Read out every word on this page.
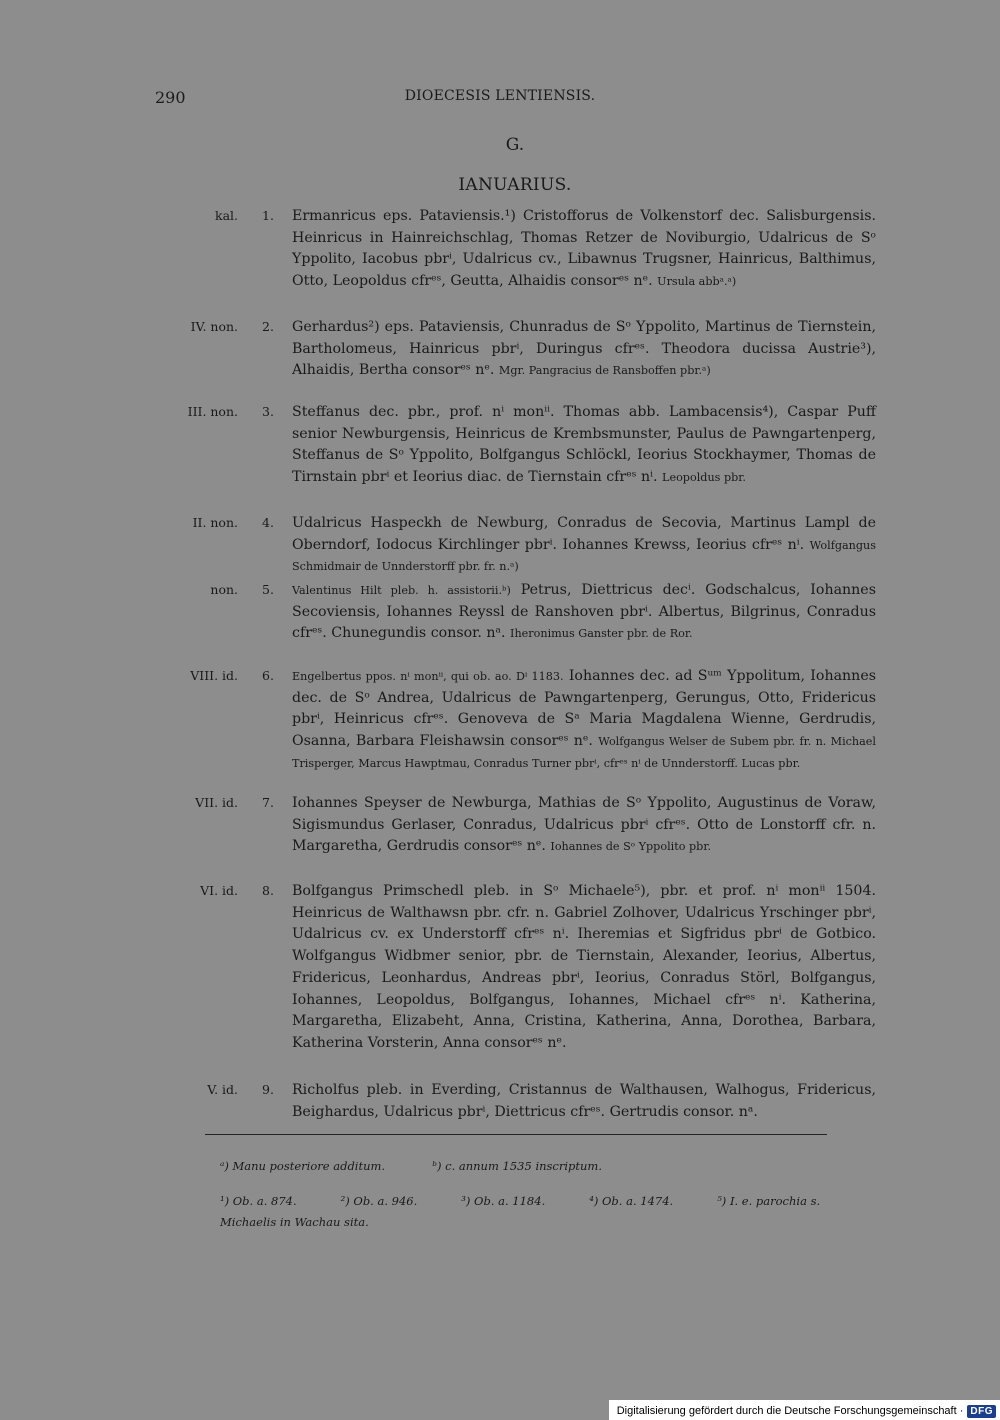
290	DIOECESIS LENTIENSIS.
G.
IANUARIUS.
kal.	1. Ermanricus eps. Pataviensis.¹) Cristofforus de Volkenstorf dec. Salisburgensis. Heinricus in Hainreichschlag, Thomas Retzer de Noviburgio, Udalricus de Sᵒ Yppolito, Iacobus pbrⁱ, Udalricus cv., Libawnus Trugsner, Hainricus, Balthimus, Otto, Leopoldus cfrᵉˢ, Geutta, Alhaidis consorᵉˢ nᵉ. Ursula abbᵃ.ᵃ)
IV. non.	2. Gerhardus²) eps. Pataviensis, Chunradus de Sᵒ Yppolito, Martinus de Tiernstein, Bartholomeus, Hainricus pbrⁱ, Duringus cfrᵉˢ. Theodora ducissa Austrie³), Alhaidis, Bertha consorᵉˢ nᵉ. Mgr. Pangracius de Ransboffen pbr.ᵃ)
III. non.	3. Steffanus dec. pbr., prof. nⁱ monⁱⁱ. Thomas abb. Lambacensis⁴), Caspar Puff senior Newburgensis, Heinricus de Krembsmunster, Paulus de Pawngartenperg, Steffanus de Sᵒ Yppolito, Bolfgangus Schlöckl, Ieorius Stockhaymer, Thomas de Tirnstain pbrⁱ et Ieorius diac. de Tiernstain cfrᵉˢ nⁱ. Leopoldus pbr.
II. non.	4. Udalricus Haspeckh de Newburg, Conradus de Secovia, Martinus Lampl de Oberndorf, Iodocus Kirchlinger pbrⁱ. Iohannes Krewss, Ieorius cfrᵉˢ nⁱ. Wolfgangus Schmidmair de Unnderstorff pbr. fr. n.ᵃ)
non.	5.	Valentinus Hilt pleb. h. assistorii.ᵇ) Petrus, Diettricus decⁱ. Godschalcus, Iohannes Secoviensis, Iohannes Reyssl de Ranshoven pbrⁱ. Albertus, Bilgrinus, Conradus cfrᵉˢ. Chunegundis consor. nᵃ. Iheronimus Ganster pbr. de Ror.
VIII. id.	6.	Engelbertus ppos. nⁱ monⁱⁱ, qui ob. ao. Dⁱ 1183. Iohannes dec. ad Sᵘᵐ Yppolitum, Iohannes dec. de Sᵒ Andrea, Udalricus de Pawngartenperg, Gerungus, Otto, Fridericus pbrⁱ, Heinricus cfrᵉˢ. Genoveva de Sᵃ Maria Magdalena Wienne, Gerdrudis, Osanna, Barbara Fleishawsin consorᵉˢ nᵉ. Wolfgangus Welser de Subem pbr. fr. n. Michael Trisperger, Marcus Hawptmau, Conradus Turner pbrⁱ, cfrᵉˢ nⁱ de Unnderstorff. Lucas pbr.
VII. id.	7. Iohannes Speyser de Newburga, Mathias de Sᵒ Yppolito, Augustinus de Voraw, Sigismundus Gerlaser, Conradus, Udalricus pbrⁱ cfrᵉˢ. Otto de Lonstorff cfr. n. Margaretha, Gerdrudis consorᵉˢ nᵉ. Iohannes de Sᵒ Yppolito pbr.
VI. id.	8. Bolfgangus Primschedl pleb. in Sᵒ Michaele⁵), pbr. et prof. nⁱ monⁱⁱ 1504. Heinricus de Walthawsn pbr. cfr. n. Gabriel Zolhover, Udalricus Yrschinger pbrⁱ, Udalricus cv. ex Understorff cfrᵉˢ nⁱ. Iheremias et Sigfridus pbrⁱ de Gotbico. Wolfgangus Widbmer senior, pbr. de Tiernstain, Alexander, Ieorius, Albertus, Fridericus, Leonhardus, Andreas pbrⁱ, Ieorius, Conradus Störl, Bolfgangus, Iohannes, Leopoldus, Bolfgangus, Iohannes, Michael cfrᵉˢ nⁱ. Katherina, Margaretha, Elizabeht, Anna, Cristina, Katherina, Anna, Dorothea, Barbara, Katherina Vorsterin, Anna consorᵉˢ nᵉ.
V. id.	9. Richolfus pleb. in Everding, Cristannus de Walthausen, Walhogus, Fridericus, Beighardus, Udalricus pbrⁱ, Diettricus cfrᵉˢ. Gertrudis consor. nᵃ.
ᵃ) Manu posteriore additum.	ᵇ) c. annum 1535 inscriptum.
¹) Ob. a. 874.	²) Ob. a. 946.	³) Ob. a. 1184.	⁴) Ob. a. 1474.	⁵) I. e. parochia s. Michaelis in Wachau sita.
Digitalisierung gefördert durch die Deutsche Forschungsgemeinschaft · DFG
